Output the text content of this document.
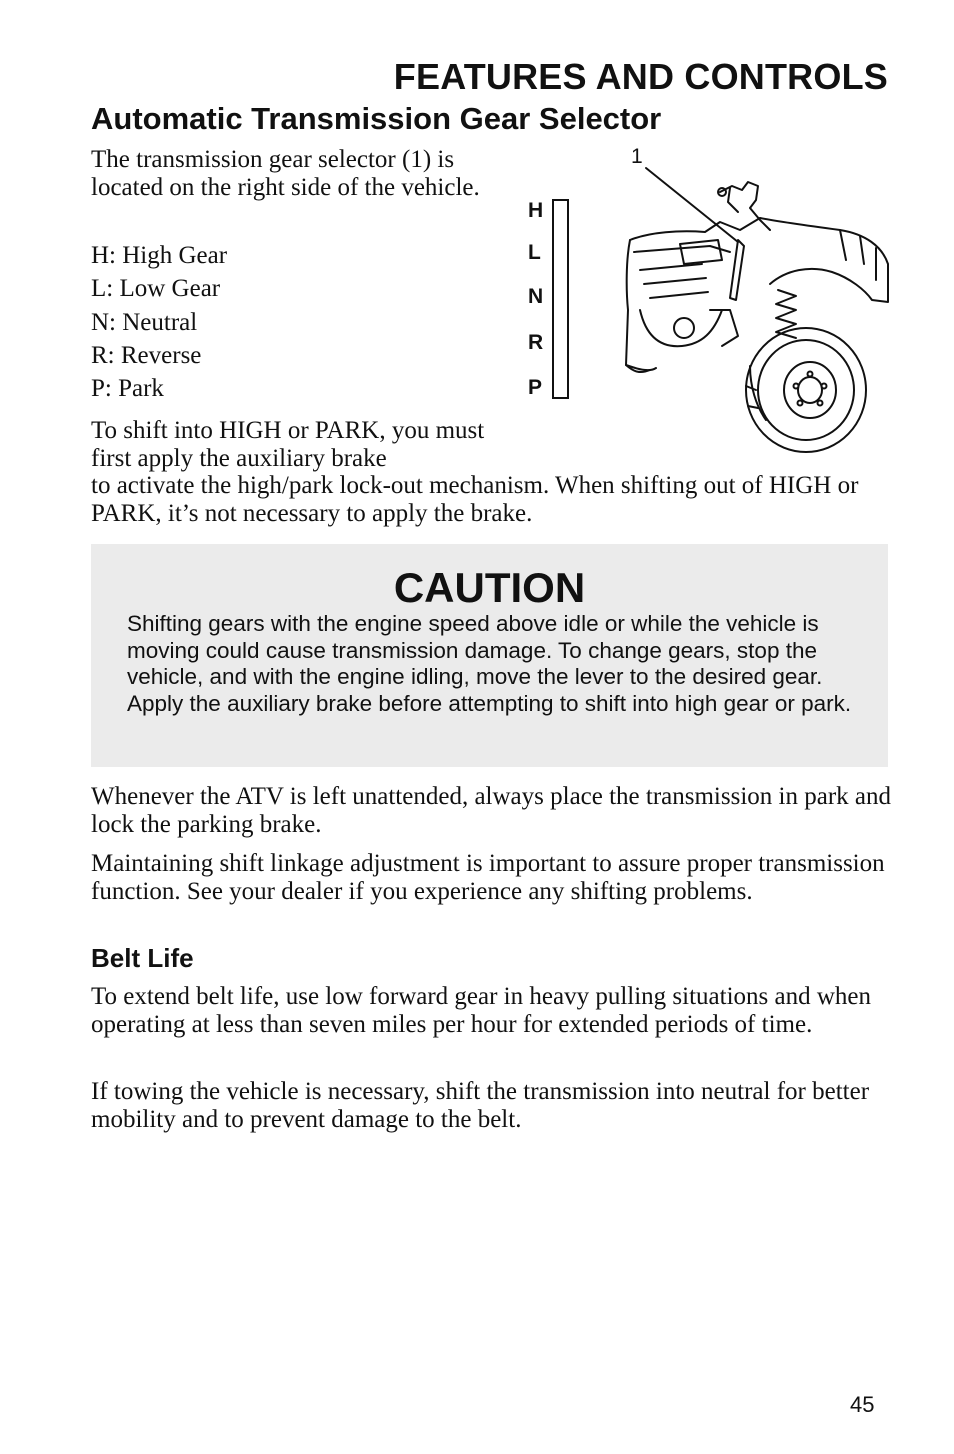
FEATURES AND CONTROLS
Automatic Transmission Gear Selector

The transmission gear selector (1) is located on the right side of the vehicle.

H: High Gear
L: Low Gear
N: Neutral
R: Reverse
P: Park
H
L
N
R
P
1

To shift into HIGH or PARK, you must first apply the auxiliary brake

to activate the high/park lock-out mechanism. When shifting out of HIGH or PARK, it’s not necessary to apply the brake.

CAUTION

Shifting gears with the engine speed above idle or while the vehicle is moving could cause transmission damage. To change gears, stop the vehicle, and with the engine idling, move the lever to the desired gear. Apply the auxiliary brake before attempting to shift into high gear or park.

Whenever the ATV is left unattended, always place the transmission in park and lock the parking brake.

Maintaining shift linkage adjustment is important to assure proper transmission function. See your dealer if you experience any shifting problems.

Belt Life

To extend belt life, use low forward gear in heavy pulling situations and when operating at less than seven miles per hour for extended periods of time.

If towing the vehicle is necessary, shift the transmission into neutral for better mobility and to prevent damage to the belt.

45
